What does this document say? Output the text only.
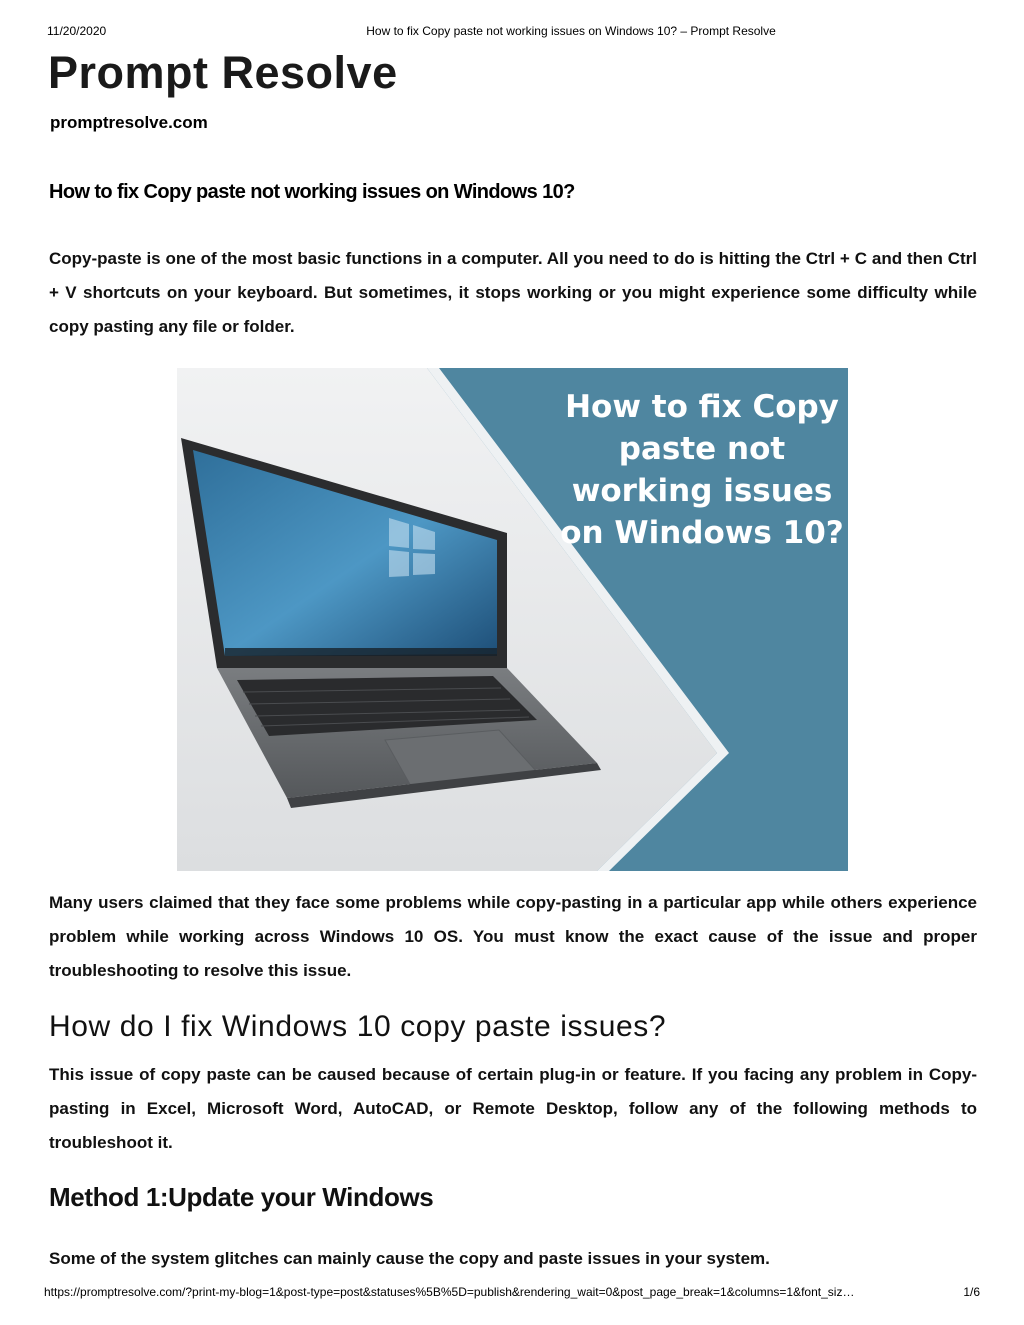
11/20/2020	How to fix Copy paste not working issues on Windows 10? – Prompt Resolve
Prompt Resolve
promptresolve.com
How to fix Copy paste not working issues on Windows 10?
Copy-paste is one of the most basic functions in a computer. All you need to do is hitting the Ctrl + C and then Ctrl + V shortcuts on your keyboard. But sometimes, it stops working or you might experience some difficulty while copy pasting any file or folder.
How to fix Copy paste not working issues on Windows 10?
Many users claimed that they face some problems while copy-pasting in a particular app while others experience problem while working across Windows 10 OS. You must know the exact cause of the issue and proper troubleshooting to resolve this issue.
How do I fix Windows 10 copy paste issues?
This issue of copy paste can be caused because of certain plug-in or feature. If you facing any problem in Copy-pasting in Excel, Microsoft Word, AutoCAD, or Remote Desktop, follow any of the following methods to troubleshoot it.
Method 1:Update your Windows
Some of the system glitches can mainly cause the copy and paste issues in your system.
https://promptresolve.com/?print-my-blog=1&post-type=post&statuses%5B%5D=publish&rendering_wait=0&post_page_break=1&columns=1&font_siz…	1/6
